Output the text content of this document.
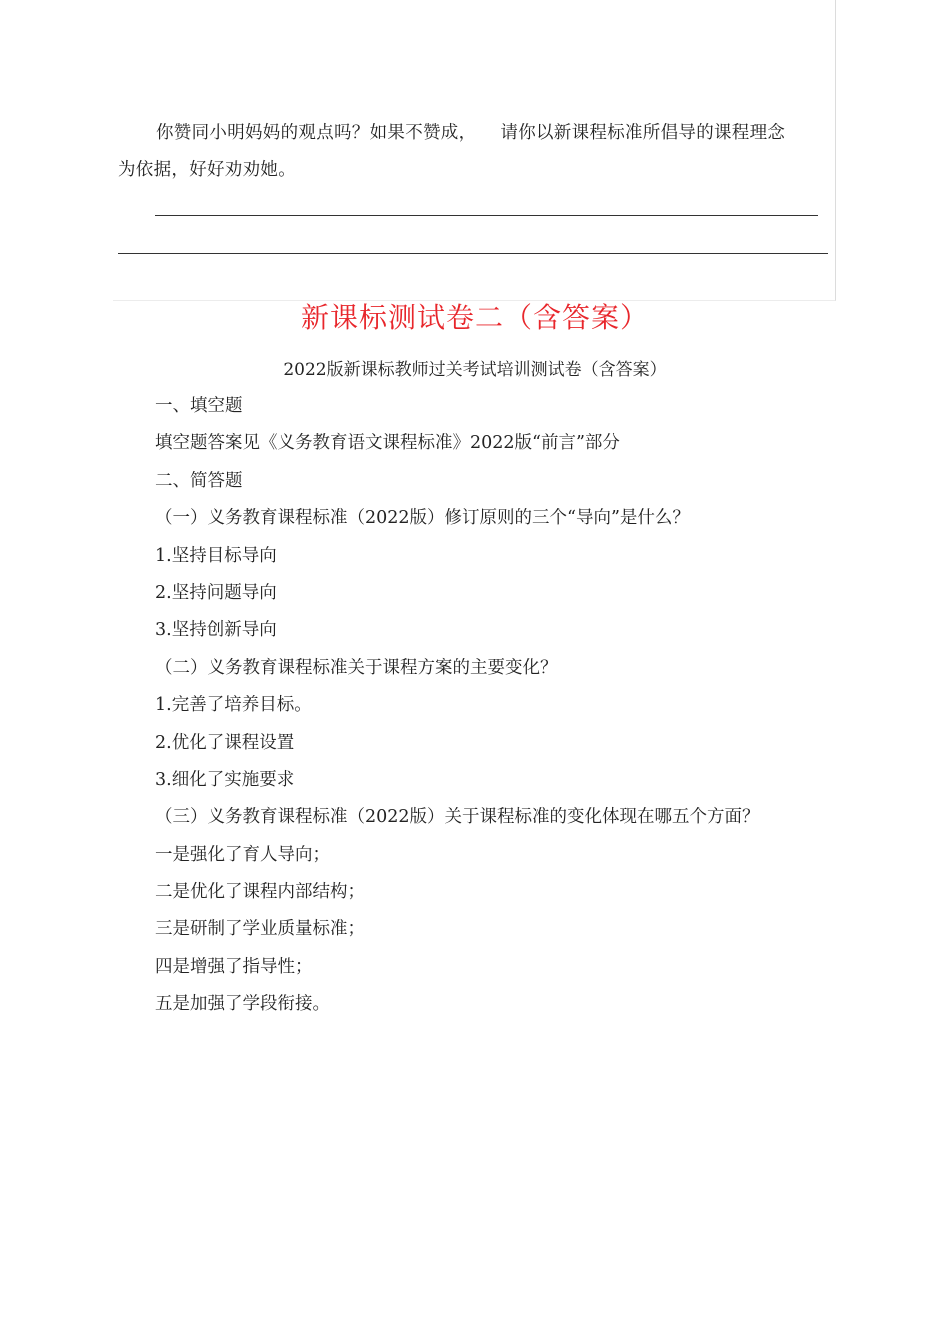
你赞同小明妈妈的观点吗？如果不赞成， 请你以新课程标准所倡导的课程理念
为依据，好好劝劝她。
新课标测试卷二（含答案）
2022版新课标教师过关考试培训测试卷（含答案）
一、填空题
填空题答案见《义务教育语文课程标准》2022版“前言”部分
二、简答题
（一）义务教育课程标准（2022版）修订原则的三个“导向”是什么？
1.坚持目标导向
2.坚持问题导向
3.坚持创新导向
（二）义务教育课程标准关于课程方案的主要变化？
1.完善了培养目标。
2.优化了课程设置
3.细化了实施要求
（三）义务教育课程标准（2022版）关于课程标准的变化体现在哪五个方面？
一是强化了育人导向；
二是优化了课程内部结构；
三是研制了学业质量标准；
四是增强了指导性；
五是加强了学段衔接。
